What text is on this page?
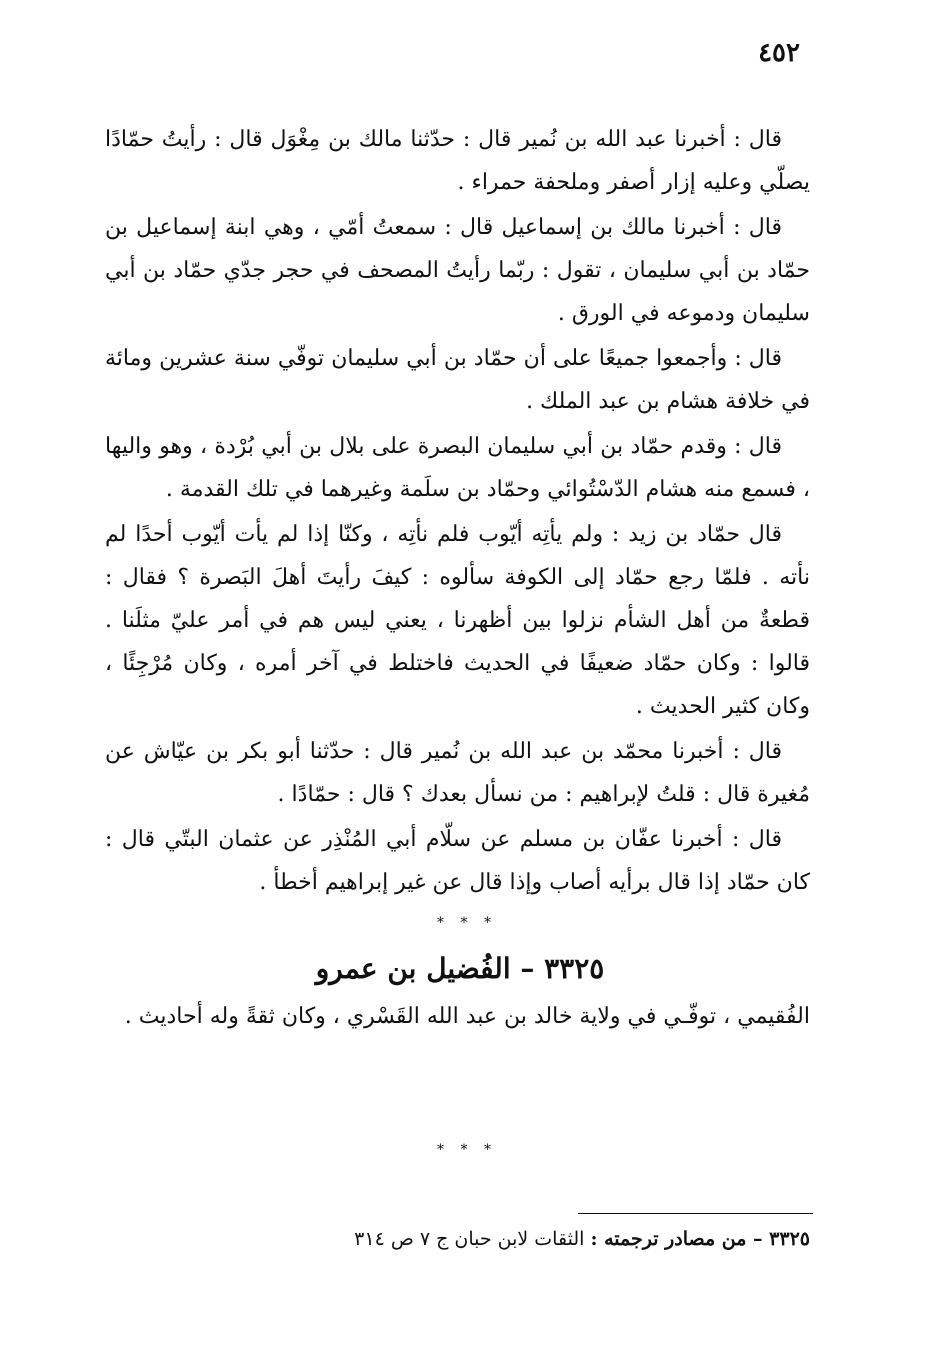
٤٥٢

قال : أخبرنا عبد الله بن نُمير قال : حدّثنا مالك بن مِغْوَل قال : رأيتُ حمّادًا يصلّي وعليه إزار أصفر وملحفة حمراء .

قال : أخبرنا مالك بن إسماعيل قال : سمعتُ أمّي ، وهي ابنة إسماعيل بن حمّاد بن أبي سليمان ، تقول : ربّما رأيتُ المصحف في حجر جدّي حمّاد بن أبي سليمان ودموعه في الورق .

قال : وأجمعوا جميعًا على أن حمّاد بن أبي سليمان توفّي سنة عشرين ومائة في خلافة هشام بن عبد الملك .

قال : وقدم حمّاد بن أبي سليمان البصرة على بلال بن أبي بُرْدة ، وهو واليها ، فسمع منه هشام الدّسْتُوائي وحمّاد بن سلَمة وغيرهما في تلك القدمة .

قال حمّاد بن زيد : ولم يأتِه أيّوب فلم نأتِه ، وكنّا إذا لم يأت أيّوب أحدًا لم نأته . فلمّا رجع حمّاد إلى الكوفة سألوه : كيفَ رأيتَ أهلَ البَصرة ؟ فقال : قطعةٌ من أهل الشأم نزلوا بين أظهرنا ، يعني ليس هم في أمر عليّ مثلَنا . قالوا : وكان حمّاد ضعيفًا في الحديث فاختلط في آخر أمره ، وكان مُرْجِئًا ، وكان كثير الحديث .

قال : أخبرنا محمّد بن عبد الله بن نُمير قال : حدّثنا أبو بكر بن عيّاش عن مُغيرة قال : قلتُ لإبراهيم : من نسأل بعدك ؟ قال : حمّادًا .

قال : أخبرنا عفّان بن مسلم عن سلّام أبي المُنْذِر عن عثمان البتّي قال : كان حمّاد إذا قال برأيه أصاب وإذا قال عن غير إبراهيم أخطأ .

* * *
٣٣٢٥ – الفُضيل بن عمرو
الفُقيمي ، توفّـي في ولاية خالد بن عبد الله القَسْري ، وكان ثقةً وله أحاديث .
* * *
٣٣٢٥ – من مصادر ترجمته : الثقات لابن حبان ج ٧ ص ٣١٤
